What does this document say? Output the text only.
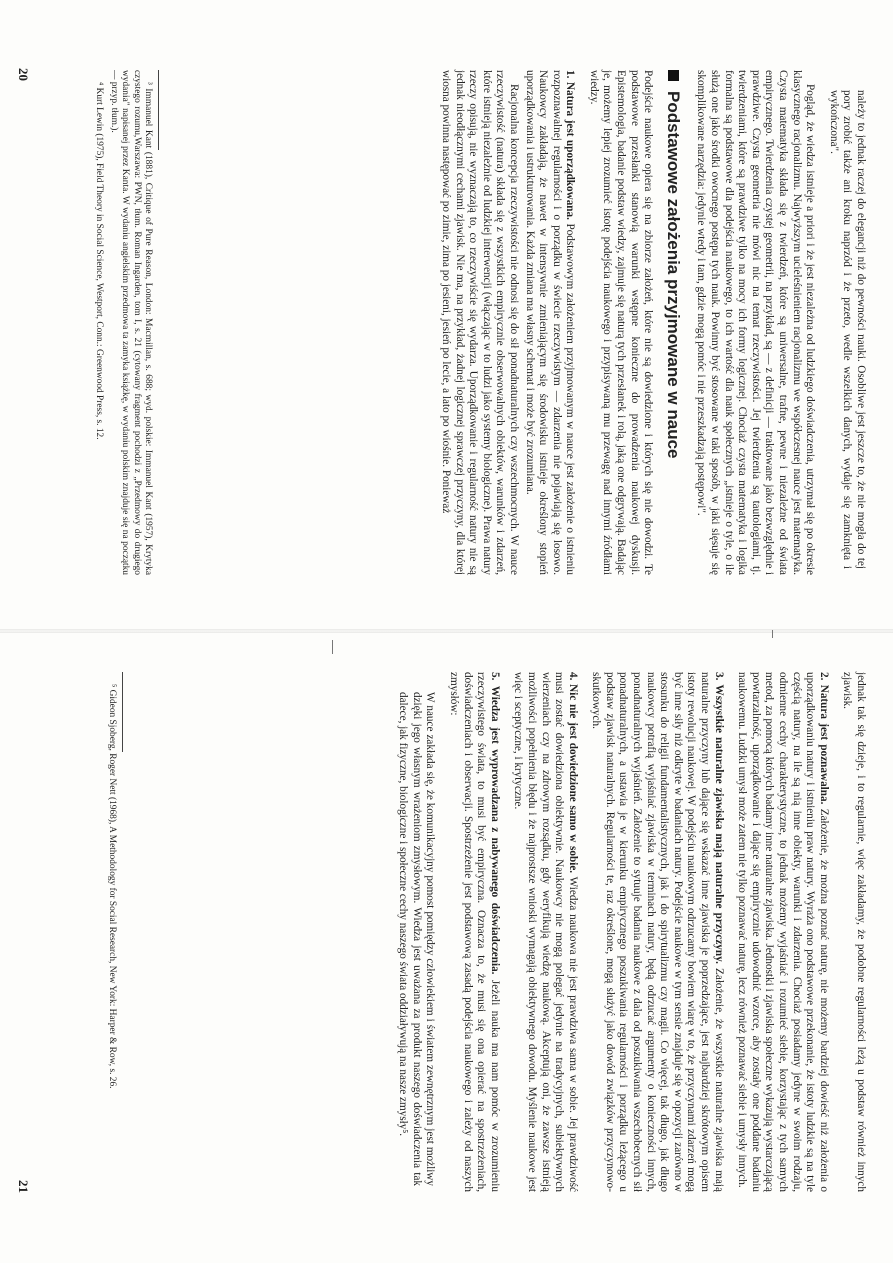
należy to jednak raczej do elegancji niż do pewności nauki. Osobliwe jest jeszcze to, że nie mogła do tej pory zrobić także ani kroku naprzód i że przeto, wedle wszelkich danych, wydaje się zamknięta i wykończona".

Pogląd, że wiedza istnieje a priori i że jest niezależna od ludzkiego doświadczenia, utrzymał się po okresie klasycznego racjonalizmu. Najwyższym ucieleśnieniem racjonalizmu we współczesnej nauce jest matematyka. Czysta matematyka składa się z twierdzeń, które są uniwersalne, trafne, pewne i niezależne od świata empirycznego. Twierdzenia czystej geometrii, na przykład, są — z definicji — traktowane jako bezwzględnie i prawdziwe. Czysta geometria nie mówi nic na temat rzeczywistości. Jej twierdzenia są tautologiami, tj. twierdzeniami, które są prawdziwe tylko na mocy ich formy logicznej. Chociaż czysta matematyka i logika formalna są podstawowe dla podejścia naukowego, to ich wartość dla nauk społecznych „istnieje o tyle, o ile służą one jako środki owocnego postępu tych nauk. Powinny być stosowane w taki sposób, w jaki sięsuje się skomplikowane narzędzia: jedynie wtedy i tam, gdzie mogą pomóc i nie przeszkadzają postępowi".

Podstawowe założenia przyjmowane w nauce

Podejście naukowe opiera się na zbiorze założeń, które nie są dowiedzione i których się nie dowodzi. Te podstawowe przesłanki stanowią warunki wstępne konieczne do prowadzenia naukowej dyskusji. Epistemologia, badanie podstaw wiedzy, zajmuje się naturą tych przesłanek i rolą, jaką one odgrywają. Badając je, możemy lepiej zrozumieć istotę podejścia naukowego i przypisywaną mu przewagę nad innymi źródłami wiedzy.

1. Natura jest uporządkowana. Podstawowym założeniem przyjmowanym w nauce jest założenie o istnieniu rozpoznawalnej regularności i o porządku w świecie rzeczywistym — zdarzenia nie pojawiają się losowo. Naukowcy zakładają, że nawet w intensywnie zmieniającym się środowisku istnieje określony stopień uporządkowania i ustrukturowania. Każda zmiana ma własny schemat i może być zrozumiana.

Racjonalna koncepcja rzeczywistości nie odnosi się do sił ponadnaturalnych czy wszechmocnych. W nauce rzeczywistość (natura) składa się z wszystkich empirycznie obserwowalnych obiektów, warunków i zdarzeń, które istnieją niezależnie od ludzkiej interwencji (włączając w to ludzi jako systemy biologiczne). Prawa natury rzeczy opisują, nie wyznaczają to, co rzeczywiście się wydarza. Uporządkowanie i regularność natury nie są jednak nieodłącznymi cechami zjawisk. Nie ma, na przykład, żadnej logicznej sprawczej przyczyny, dla której wiosna powinna następować po zimie, zima po jesieni, jesień po lecie, a lato po wiośnie. Ponieważ

³ Immanuel Kant (1881), Critique of Pure Reason, London: Macmillan, s. 688; wyd. polskie: Immanuel Kant (1957), Krytyka czystego rozumu,Warszawa: PWN, tłum. Roman Ingarden, tom I, s. 21 (cytowany fragment pochodzi z „Przedmowy do drugiego wydania" napisanej przez Kanta. W wydaniu angielskim przedmowa ta zamyka książkę, w wydaniu polskim znajduje się na początku — przyp. tłum.).

⁴ Kurt Lewin (1975), Field Theory in Social Science, Westport, Conn.: Greenwood Press, s. 12.

20

jednak tak się dzieje, i to regularnie, więc zakładamy, że podobne regularności leżą u podstaw również innych zjawisk.

2. Natura jest poznawalna. Założenie, że można poznać naturę, nie możemy bardziej dowieść niż założenia o uporządkowaniu natury i istnieniu praw natury. Wyraża ono podstawowe przekonanie, że istoty ludzkie są na tyle częścią natury, na ile są nią inne obiekty, warunki i zdarzenia. Chociaż posiadamy jedyne w swoim rodzaju, odmienne cechy charakterystyczne, to jednak możemy wyjaśniać i rozumieć siebie, korzystając z tych samych metod, za pomocą których badamy inne naturalne zjawiska. Jednostki i zjawiska społeczne wykazują wystarczającą powtarzalność, uporządkowanie i dające się empirycznie udowodnić wzorce, aby zostały one poddane badaniu naukowemu. Ludzki umysł może zatem nie tylko poznawać naturę, lecz również poznawać siebie i umysły innych.

3. Wszystkie naturalne zjawiska mają naturalne przyczyny. Założenie, że wszystkie naturalne zjawiska mają naturalne przyczyny lub dające się wskazać inne zjawiska je poprzedzające, jest najbardziej skrótowym opisem istoty rewolucji naukowej. W podejściu naukowym odrzucamy bowiem wiarę w to, że przyczynami zdarzeń mogą być inne siły niż odkryte w badaniach natury. Podejście naukowe w tym sensie znajduje się w opozycji zarówno w stosunku do religii fundamentalistycznych, jak i do spirytualizmu czy magii. Co więcej, tak długo, jak długo naukowcy potrafią wyjaśniać zjawiska w terminach natury, będą odrzucać argumenty o konieczności innych, ponadnaturalnych wyjaśnień. Założenie to sytuuje badania naukowe z dala od poszukiwania wszechobecnych sił ponadnaturalnych, a ustawia je w kierunku empirycznego poszukiwania regularności i porządku leżącego u podstaw zjawisk naturalnych. Regularności te, raz określone, mogą służyć jako dowód związków przyczynowo-skutkowych.

4. Nic nie jest dowiedzione samo w sobie. Wiedza naukowa nie jest prawdziwa sama w sobie. Jej prawdziwość musi zostać dowiedziona obiektywnie. Naukowcy nie mogą polegać jedynie na tradycyjnych, subiektywnych wierzeniach czy na zdrowym rozsądku, gdy weryfikują wiedzę naukową. Akceptują oni, że zawsze istnieją możliwości popełnienia błędu i że najprostsze wnioski wymagają obiektywnego dowodu. Myślenie naukowe jest więc i sceptyczne, i krytyczne.

5. Wiedza jest wyprowadzana z nabywanego doświadczenia. Jeżeli nauka ma nam pomóc w zrozumieniu rzeczywistego świata, to musi być empiryczna. Oznacza to, że musi się ona opierać na spostrzeżeniach, doświadczeniach i obserwacji. Spostrzeżenie jest podstawową zasadą podejścia naukowego i zależy od naszych zmysłów:

W nauce zakłada się, że komunikacyjny pomost pomiędzy człowiekiem i światem zewnętrznym jest możliwy dzięki jego własnym wrażeniom zmysłowym. Wiedza jest uważana za produkt naszego doświadczenia tak dalece, jak fizyczne, biologiczne i społeczne cechy naszego świata oddziaływują na nasze zmysły⁵.

⁵ Gideon Sjoberg, Roger Nett (1968), A Methodology for Social Research, New York: Harper & Row, s. 26.

21
